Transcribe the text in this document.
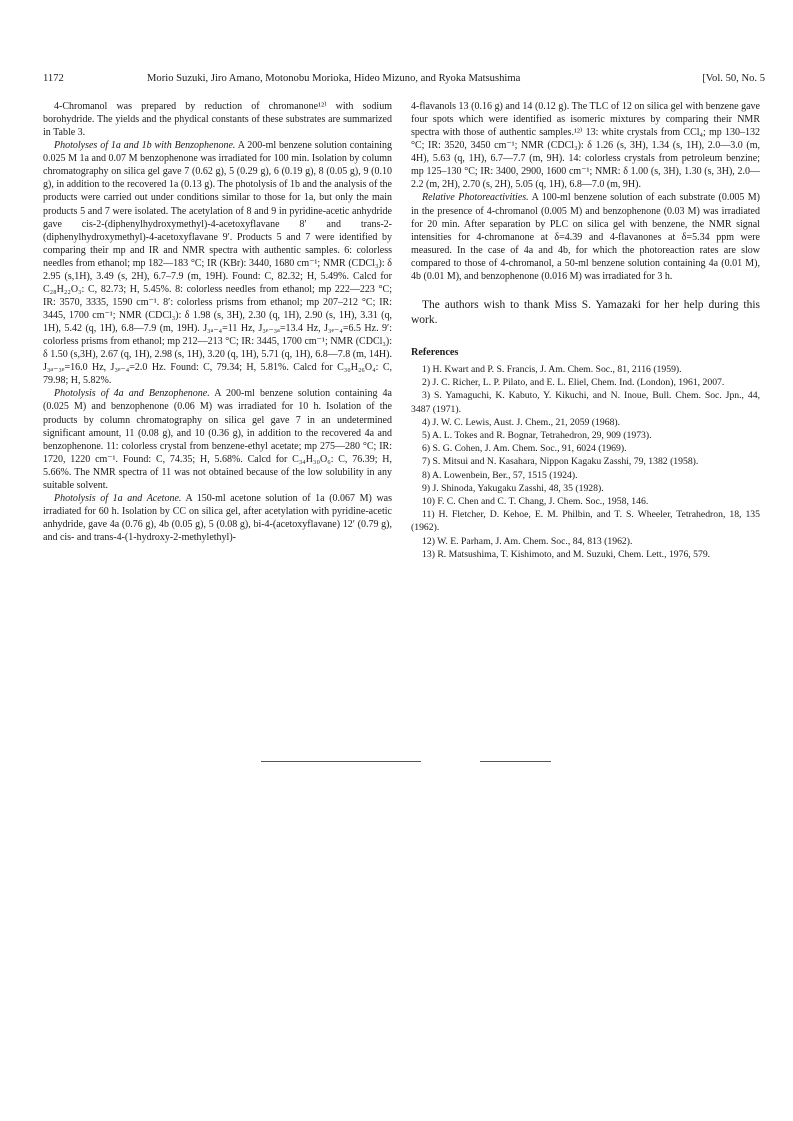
1172	Morio Suzuki, Jiro Amano, Motonobu Morioka, Hideo Mizuno, and Ryoka Matsushima	[Vol. 50, No. 5

4-Chromanol was prepared by reduction of chromanone¹²⁾ with sodium borohydride. The yields and the phydical constants of these substrates are summarized in Table 3.

Photolyses of 1a and 1b with Benzophenone. A 200-ml benzene solution containing 0.025 M 1a and 0.07 M benzophenone was irradiated for 100 min. Isolation by column chromatography on silica gel gave 7 (0.62 g), 5 (0.29 g), 6 (0.19 g), 8 (0.05 g), 9 (0.10 g), in addition to the recovered 1a (0.13 g). The photolysis of 1b and the analysis of the products were carried out under conditions similar to those for 1a, but only the main products 5 and 7 were isolated. The acetylation of 8 and 9 in pyridine-acetic anhydride gave cis-2-(diphenylhydroxymethyl)-4-acetoxyflavane 8′ and trans-2-(diphenylhydroxymethyl)-4-acetoxyflavane 9′. Products 5 and 7 were identified by comparing their mp and IR and NMR spectra with authentic samples. 6: colorless needles from ethanol; mp 182—183 °C; IR (KBr): 3440, 1680 cm⁻¹; NMR (CDCl₃): δ 2.95 (s,1H), 3.49 (s, 2H), 6.7–7.9 (m, 19H). Found: C, 82.32; H, 5.49%. Calcd for C₂₈H₂₂O₃: C, 82.73; H, 5.45%. 8: colorless needles from ethanol; mp 222—223 °C; IR: 3570, 3335, 1590 cm⁻¹. 8′: colorless prisms from ethanol; mp 207–212 °C; IR: 3445, 1700 cm⁻¹; NMR (CDCl₃): δ 1.98 (s, 3H), 2.30 (q, 1H), 2.90 (s, 1H), 3.31 (q, 1H), 5.42 (q, 1H), 6.8—7.9 (m, 19H). J₃ₐ₋₄=11 Hz, J₃ₑ₋₃ₐ=13.4 Hz, J₃ₑ₋₄=6.5 Hz. 9′: colorless prisms from ethanol; mp 212—213 °C; IR: 3445, 1700 cm⁻¹; NMR (CDCl₃): δ 1.50 (s,3H), 2.67 (q, 1H), 2.98 (s, 1H), 3.20 (q, 1H), 5.71 (q, 1H), 6.8—7.8 (m, 14H). J₃ₐ₋₃ₑ=16.0 Hz, J₃ₑ₋₄=2.0 Hz. Found: C, 79.34; H, 5.81%. Calcd for C₃₀H₂₆O₄: C, 79.98; H, 5.82%.

Photolysis of 4a and Benzophenone. A 200-ml benzene solution containing 4a (0.025 M) and benzophenone (0.06 M) was irradiated for 10 h. Isolation of the products by column chromatography on silica gel gave 7 in an undetermined significant amount, 11 (0.08 g), and 10 (0.36 g), in addition to the recovered 4a and benzophenone. 11: colorless crystal from benzene-ethyl acetate; mp 275—280 °C; IR: 1720, 1220 cm⁻¹. Found: C, 74.35; H, 5.68%. Calcd for C₃₄H₃₀O₆: C, 76.39; H, 5.66%. The NMR spectra of 11 was not obtained because of the low solubility in any suitable solvent.

Photolysis of 1a and Acetone. A 150-ml acetone solution of 1a (0.067 M) was irradiated for 60 h. Isolation by CC on silica gel, after acetylation with pyridine-acetic anhydride, gave 4a (0.76 g), 4b (0.05 g), 5 (0.08 g), bi-4-(acetoxyflavane) 12′ (0.79 g), and cis- and trans-4-(1-hydroxy-2-methylethyl)-

4-flavanols 13 (0.16 g) and 14 (0.12 g). The TLC of 12 on silica gel with benzene gave four spots which were identified as isomeric mixtures by comparing their NMR spectra with those of authentic samples.¹²⁾ 13: white crystals from CCl₄; mp 130–132 °C; IR: 3520, 3450 cm⁻¹; NMR (CDCl₃): δ 1.26 (s, 3H), 1.34 (s, 1H), 2.0—3.0 (m, 4H), 5.63 (q, 1H), 6.7—7.7 (m, 9H). 14: colorless crystals from petroleum benzine; mp 125–130 °C; IR: 3400, 2900, 1600 cm⁻¹; NMR: δ 1.00 (s, 3H), 1.30 (s, 3H), 2.0—2.2 (m, 2H), 2.70 (s, 2H), 5.05 (q, 1H), 6.8—7.0 (m, 9H).

Relative Photoreactivities. A 100-ml benzene solution of each substrate (0.005 M) in the presence of 4-chromanol (0.005 M) and benzophenone (0.03 M) was irradiated for 20 min. After separation by PLC on silica gel with benzene, the NMR signal intensities for 4-chromanone at δ=4.39 and 4-flavanones at δ=5.34 ppm were measured. In the case of 4a and 4b, for which the photoreaction rates are slow compared to those of 4-chromanol, a 50-ml benzene solution containing 4a (0.01 M), 4b (0.01 M), and benzophenone (0.016 M) was irradiated for 3 h.

The authors wish to thank Miss S. Yamazaki for her help during this work.

References

1) H. Kwart and P. S. Francis, J. Am. Chem. Soc., 81, 2116 (1959).

2) J. C. Richer, L. P. Pilato, and E. L. Eliel, Chem. Ind. (London), 1961, 2007.

3) S. Yamaguchi, K. Kabuto, Y. Kikuchi, and N. Inoue, Bull. Chem. Soc. Jpn., 44, 3487 (1971).

4) J. W. C. Lewis, Aust. J. Chem., 21, 2059 (1968).

5) A. L. Tokes and R. Bognar, Tetrahedron, 29, 909 (1973).

6) S. G. Cohen, J. Am. Chem. Soc., 91, 6024 (1969).

7) S. Mitsui and N. Kasahara, Nippon Kagaku Zasshi, 79, 1382 (1958).

8) A. Lowenbein, Ber., 57, 1515 (1924).

9) J. Shinoda, Yakugaku Zasshi, 48, 35 (1928).

10) F. C. Chen and C. T. Chang, J. Chem. Soc., 1958, 146.

11) H. Fletcher, D. Kehoe, E. M. Philbin, and T. S. Wheeler, Tetrahedron, 18, 135 (1962).

12) W. E. Parham, J. Am. Chem. Soc., 84, 813 (1962).

13) R. Matsushima, T. Kishimoto, and M. Suzuki, Chem. Lett., 1976, 579.
